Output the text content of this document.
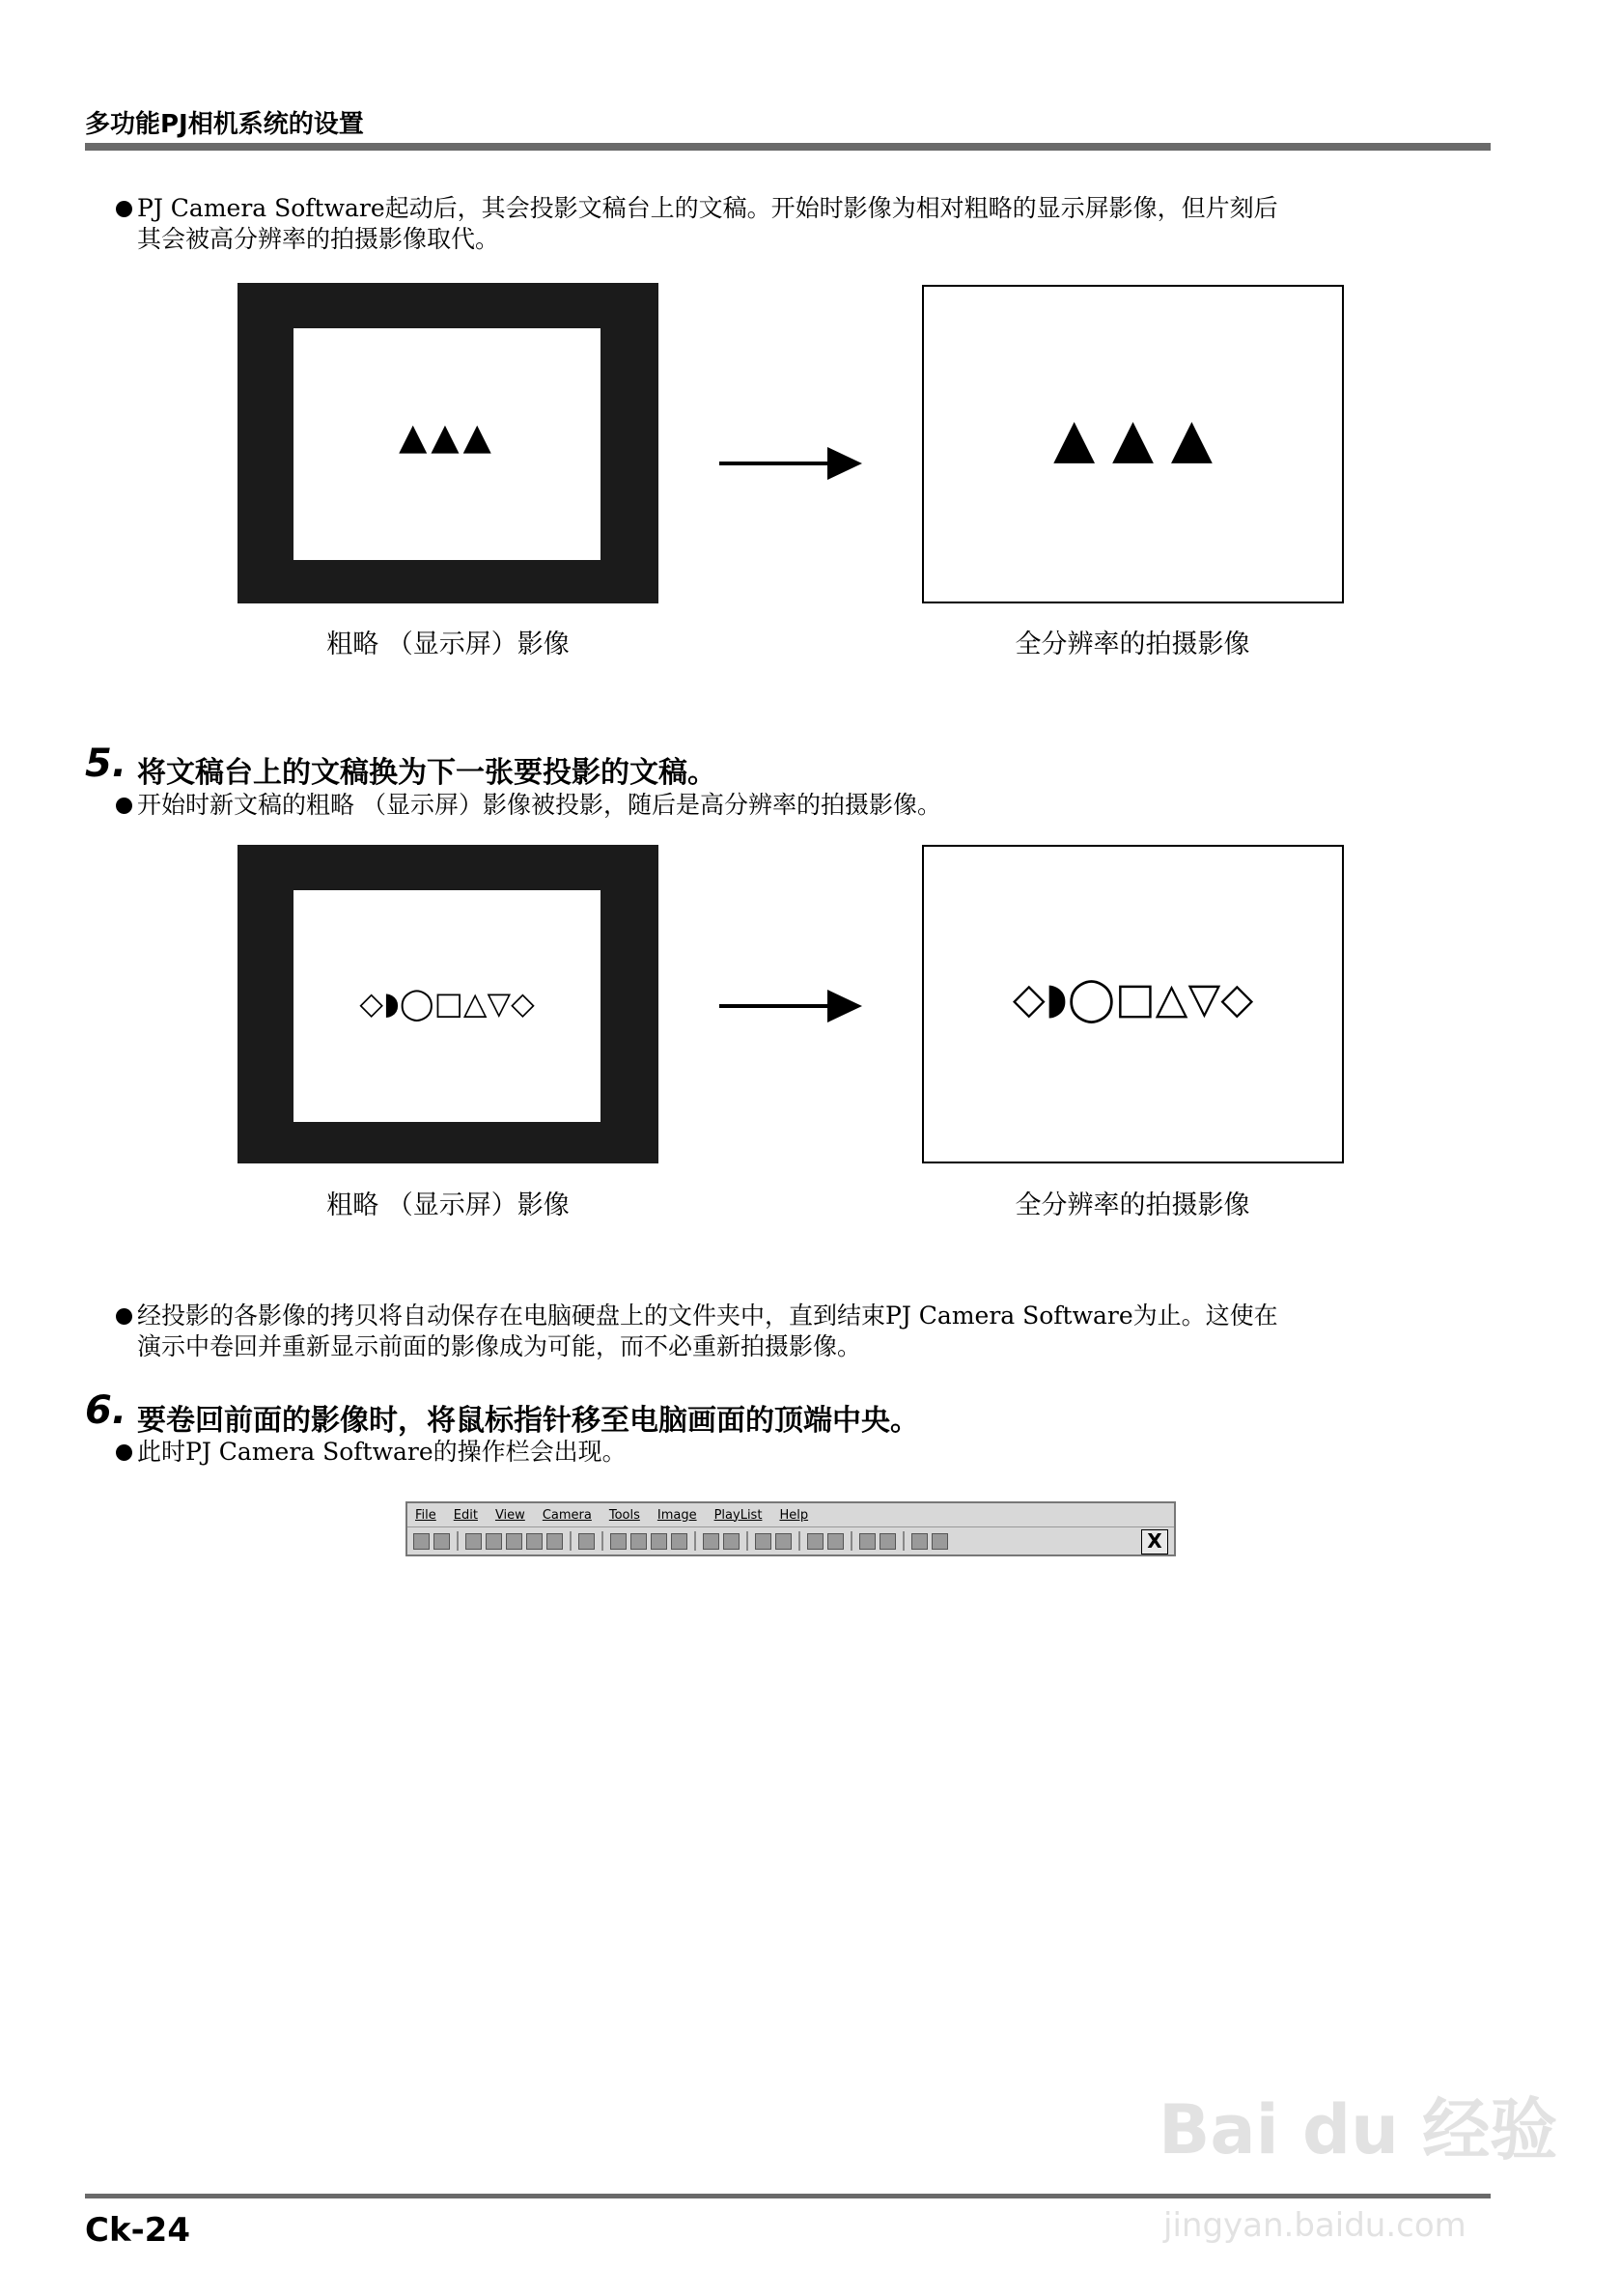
多功能PJ相机系统的设置
PJ Camera Software起动后，其会投影文稿台上的文稿。开始时影像为相对粗略的显示屏影像，但片刻后
其会被高分辨率的拍摄影像取代。
▲▲▲	▲ ▲ ▲
粗略 （显示屏）影像	全分辨率的拍摄影像
5. 将文稿台上的文稿换为下一张要投影的文稿。
开始时新文稿的粗略 （显示屏）影像被投影，随后是高分辨率的拍摄影像。
◇◗◯□△▽◇	◇◗◯□△▽◇
粗略 （显示屏）影像	全分辨率的拍摄影像
经投影的各影像的拷贝将自动保存在电脑硬盘上的文件夹中，直到结束PJ Camera Software为止。这使在
演示中卷回并重新显示前面的影像成为可能，而不必重新拍摄影像。
6. 要卷回前面的影像时，将鼠标指针移至电脑画面的顶端中央。
此时PJ Camera Software的操作栏会出现。
File Edit View Camera Tools Image PlayList Help
X
Ck-24
Bai du 经验
jingyan.baidu.com
